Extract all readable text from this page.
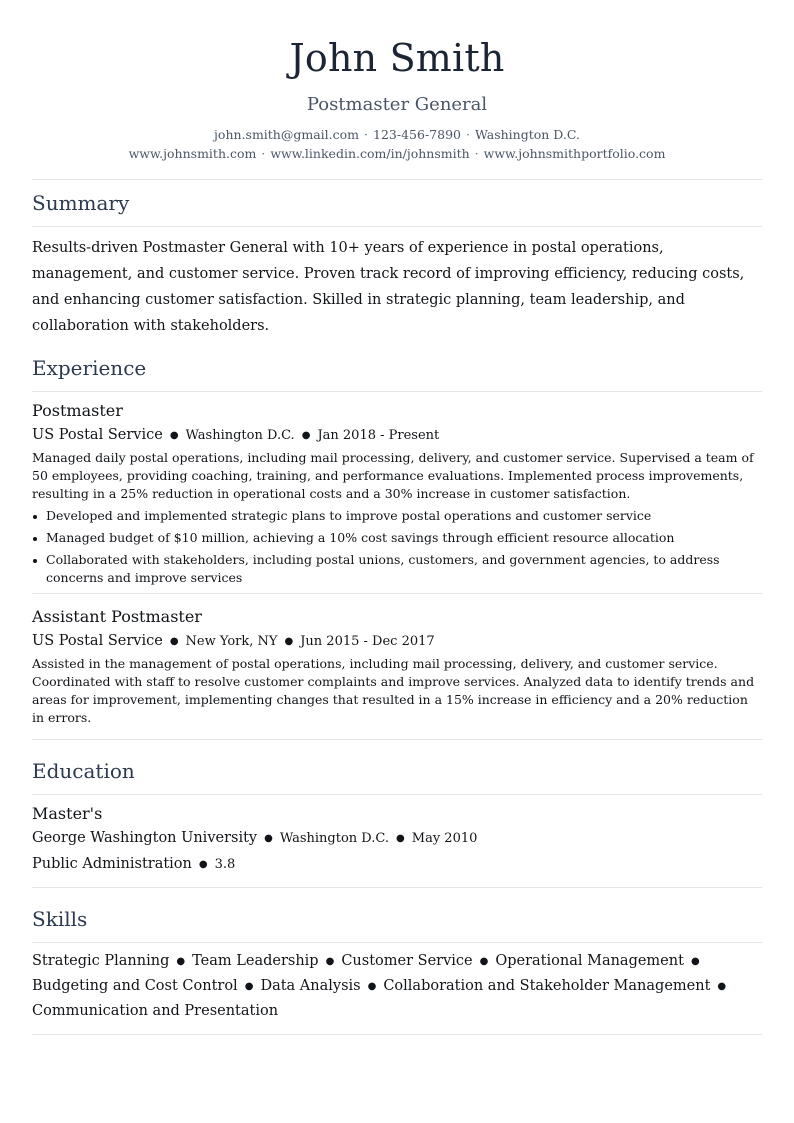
John Smith
Postmaster General
john.smith@gmail.com · 123-456-7890 · Washington D.C.
www.johnsmith.com · www.linkedin.com/in/johnsmith · www.johnsmithportfolio.com
Summary
Results-driven Postmaster General with 10+ years of experience in postal operations, management, and customer service. Proven track record of improving efficiency, reducing costs, and enhancing customer satisfaction. Skilled in strategic planning, team leadership, and collaboration with stakeholders.
Experience
Postmaster
US Postal Service ● Washington D.C. ● Jan 2018 - Present
Managed daily postal operations, including mail processing, delivery, and customer service. Supervised a team of 50 employees, providing coaching, training, and performance evaluations. Implemented process improvements, resulting in a 25% reduction in operational costs and a 30% increase in customer satisfaction.
Developed and implemented strategic plans to improve postal operations and customer service
Managed budget of $10 million, achieving a 10% cost savings through efficient resource allocation
Collaborated with stakeholders, including postal unions, customers, and government agencies, to address concerns and improve services
Assistant Postmaster
US Postal Service ● New York, NY ● Jun 2015 - Dec 2017
Assisted in the management of postal operations, including mail processing, delivery, and customer service. Coordinated with staff to resolve customer complaints and improve services. Analyzed data to identify trends and areas for improvement, implementing changes that resulted in a 15% increase in efficiency and a 20% reduction in errors.
Education
Master's
George Washington University ● Washington D.C. ● May 2010
Public Administration ● 3.8
Skills
Strategic Planning ● Team Leadership ● Customer Service ● Operational Management ●
Budgeting and Cost Control ● Data Analysis ● Collaboration and Stakeholder Management ●
Communication and Presentation
